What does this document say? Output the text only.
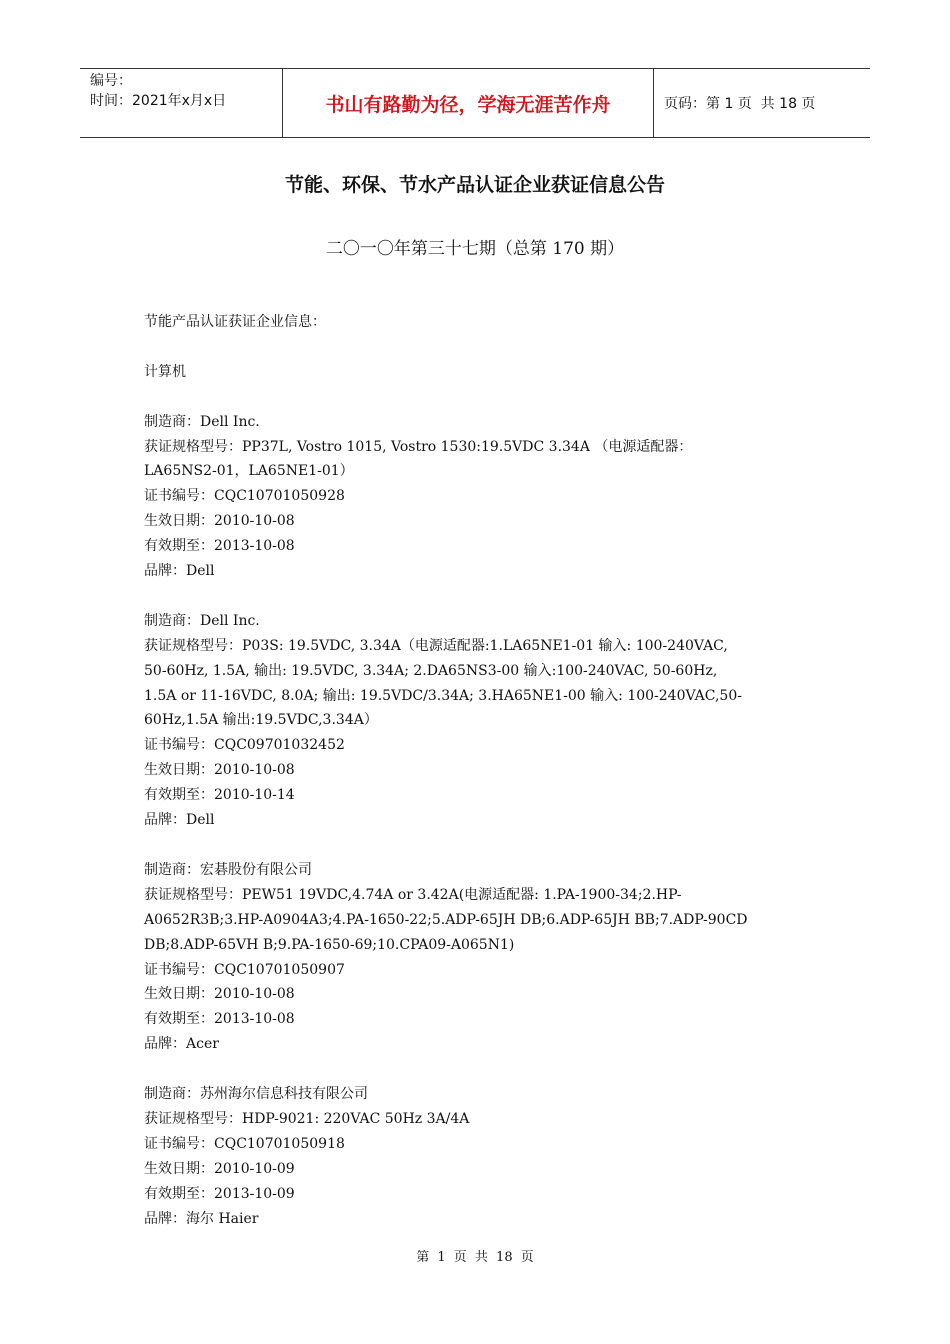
编号：
时间：2021年x月x日	书山有路勤为径，学海无涯苦作舟	页码：第 1 页  共 18 页
节能、环保、节水产品认证企业获证信息公告
二〇一〇年第三十七期（总第 170 期）

节能产品认证获证企业信息：

计算机

制造商：Dell Inc.

获证规格型号：PP37L, Vostro 1015, Vostro 1530:19.5VDC 3.34A （电源适配器：

LA65NS2-01，LA65NE1-01）

证书编号：CQC10701050928

生效日期：2010-10-08

有效期至：2013-10-08

品牌：Dell

制造商：Dell Inc.

获证规格型号：P03S: 19.5VDC, 3.34A（电源适配器:1.LA65NE1-01 输入: 100-240VAC,

50-60Hz, 1.5A, 输出: 19.5VDC, 3.34A; 2.DA65NS3-00 输入:100-240VAC, 50-60Hz,

1.5A or 11-16VDC, 8.0A; 输出: 19.5VDC/3.34A; 3.HA65NE1-00 输入: 100-240VAC,50-

60Hz,1.5A 输出:19.5VDC,3.34A）

证书编号：CQC09701032452

生效日期：2010-10-08

有效期至：2010-10-14

品牌：Dell

制造商：宏碁股份有限公司

获证规格型号：PEW51 19VDC,4.74A or 3.42A(电源适配器: 1.PA-1900-34;2.HP-

A0652R3B;3.HP-A0904A3;4.PA-1650-22;5.ADP-65JH DB;6.ADP-65JH BB;7.ADP-90CD

DB;8.ADP-65VH B;9.PA-1650-69;10.CPA09-A065N1)

证书编号：CQC10701050907

生效日期：2010-10-08

有效期至：2013-10-08

品牌：Acer

制造商：苏州海尔信息科技有限公司

获证规格型号：HDP-9021: 220VAC 50Hz 3A/4A

证书编号：CQC10701050918

生效日期：2010-10-09

有效期至：2013-10-09

品牌：海尔 Haier

第 1 页 共 18 页
